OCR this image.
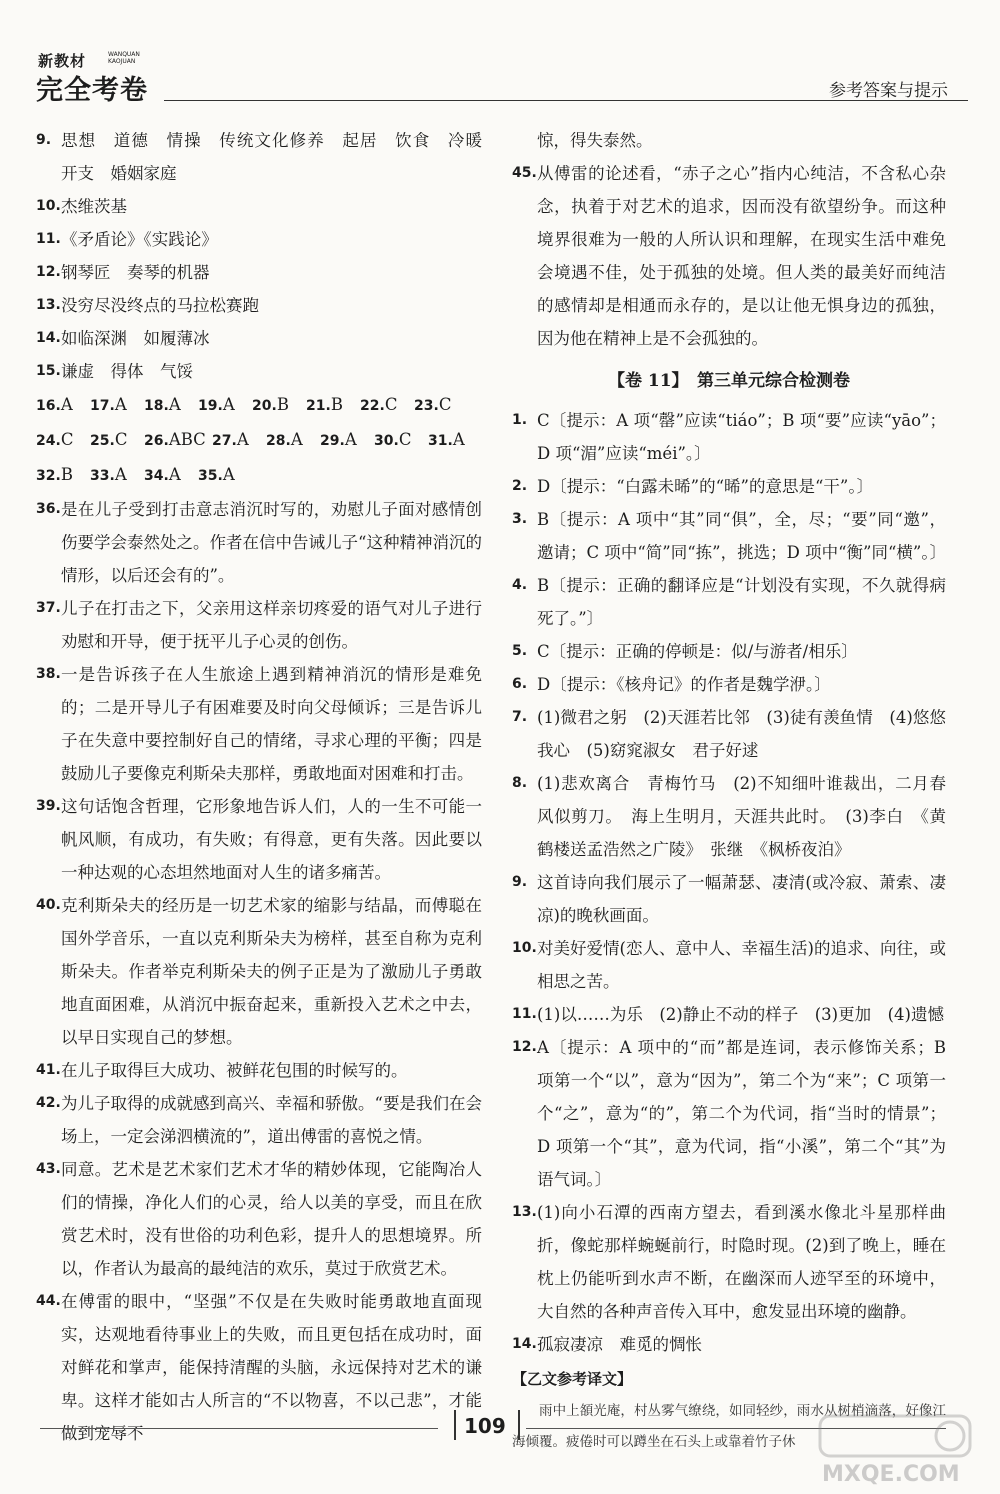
新教材	WANQUAN
KAOJUAN
完全考卷	参考答案与提示
9. 思想　道德　情操　传统文化修养　起居　饮食　冷暖　开支　婚姻家庭
10. 杰维茨基
11. 《矛盾论》《实践论》
12. 钢琴匠　奏琴的机器
13. 没穷尽没终点的马拉松赛跑
14. 如临深渊　如履薄冰
15. 谦虚　得体　气馁
16.A	17.A	18.A	19.A	20.B	21.B	22.C	23.C
24.C	25.C	26.ABC 27.A	28.A	29.A	30.C	31.A
32.B	33.A	34.A	35.A
36. 是在儿子受到打击意志消沉时写的，劝慰儿子面对感情创伤要学会泰然处之。作者在信中告诫儿子“这种精神消沉的情形，以后还会有的”。
37. 儿子在打击之下，父亲用这样亲切疼爱的语气对儿子进行劝慰和开导，便于抚平儿子心灵的创伤。
38. 一是告诉孩子在人生旅途上遇到精神消沉的情形是难免的；二是开导儿子有困难要及时向父母倾诉；三是告诉儿子在失意中要控制好自己的情绪，寻求心理的平衡；四是鼓励儿子要像克利斯朵夫那样，勇敢地面对困难和打击。
39. 这句话饱含哲理，它形象地告诉人们，人的一生不可能一帆风顺，有成功，有失败；有得意，更有失落。因此要以一种达观的心态坦然地面对人生的诸多痛苦。
40. 克利斯朵夫的经历是一切艺术家的缩影与结晶，而傅聪在国外学音乐，一直以克利斯朵夫为榜样，甚至自称为克利斯朵夫。作者举克利斯朵夫的例子正是为了激励儿子勇敢地直面困难，从消沉中振奋起来，重新投入艺术之中去，以早日实现自己的梦想。
41. 在儿子取得巨大成功、被鲜花包围的时候写的。
42. 为儿子取得的成就感到高兴、幸福和骄傲。“要是我们在会场上，一定会涕泗横流的”，道出傅雷的喜悦之情。
43. 同意。艺术是艺术家们艺术才华的精妙体现，它能陶冶人们的情操，净化人们的心灵，给人以美的享受，而且在欣赏艺术时，没有世俗的功利色彩，提升人的思想境界。所以，作者认为最高的最纯洁的欢乐，莫过于欣赏艺术。
44. 在傅雷的眼中，“坚强”不仅是在失败时能勇敢地直面现实，达观地看待事业上的失败，而且更包括在成功时，面对鲜花和掌声，能保持清醒的头脑，永远保持对艺术的谦卑。这样才能如古人所言的“不以物喜，不以己悲”，才能做到宠辱不
惊，得失泰然。
45. 从傅雷的论述看，“赤子之心”指内心纯洁，不含私心杂念，执着于对艺术的追求，因而没有欲望纷争。而这种境界很难为一般的人所认识和理解，在现实生活中难免会境遇不佳，处于孤独的处境。但人类的最美好而纯洁的感情却是相通而永存的，是以让他无惧身边的孤独，因为他在精神上是不会孤独的。
【卷 11】　第三单元综合检测卷
1. C〔提示：A 项“罄”应读“tiáo”；B 项“要”应读“yāo”；D 项“湄”应读“méi”。〕
2. D〔提示：“白露未晞”的“晞”的意思是“干”。〕
3. B〔提示：A 项中“其”同“俱”，全，尽；“要”同“邀”，邀请；C 项中“简”同“拣”，挑选；D 项中“衡”同“横”。〕
4. B〔提示：正确的翻译应是“计划没有实现，不久就得病死了。”〕
5. C〔提示：正确的停顿是：似/与游者/相乐〕
6. D〔提示：《核舟记》的作者是魏学洢。〕
7. (1)微君之躬　(2)天涯若比邻　(3)徒有羡鱼情　(4)悠悠我心　(5)窈窕淑女　君子好逑
8. (1)悲欢离合　青梅竹马　(2)不知细叶谁裁出，二月春风似剪刀。　海上生明月，天涯共此时。　(3)李白　《黄鹤楼送孟浩然之广陵》　张继　《枫桥夜泊》
9. 这首诗向我们展示了一幅萧瑟、凄清(或冷寂、萧索、凄凉)的晚秋画面。
10. 对美好爱情(恋人、意中人、幸福生活)的追求、向往，或相思之苦。
11. (1)以……为乐　(2)静止不动的样子　(3)更加　(4)遗憾
12. A〔提示：A 项中的“而”都是连词，表示修饰关系；B 项第一个“以”，意为“因为”，第二个为“来”；C 项第一个“之”，意为“的”，第二个为代词，指“当时的情景”；D 项第一个“其”，意为代词，指“小溪”，第二个“其”为语气词。〕
13. (1)向小石潭的西南方望去，看到溪水像北斗星那样曲折，像蛇那样蜿蜒前行，时隐时现。(2)到了晚上，睡在枕上仍能听到水声不断，在幽深而人迹罕至的环境中，大自然的各种声音传入耳中，愈发显出环境的幽静。
14. 孤寂凄凉　难觅的惆怅
【乙文参考译文】
雨中上頟光庵，村丛雾气缭绕，如同轻纱，雨水从树梢滴落，好像江海倾覆。疲倦时可以蹲坐在石头上或靠着竹子休
109
MXQE.COM
